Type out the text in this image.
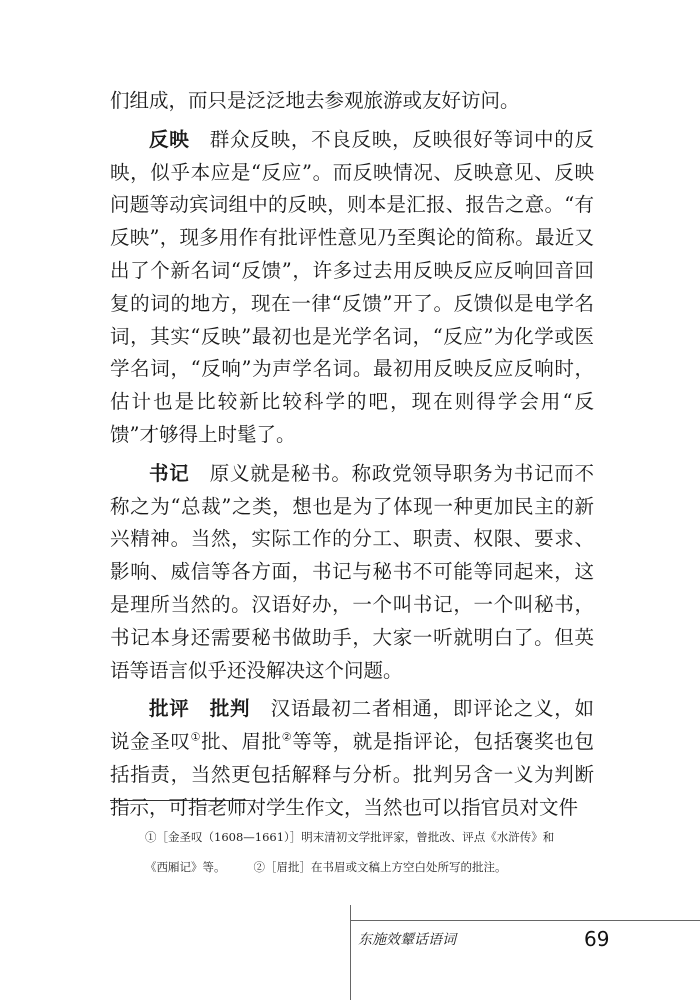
们组成，而只是泛泛地去参观旅游或友好访问。

反映　群众反映，不良反映，反映很好等词中的反映，似乎本应是“反应”。而反映情况、反映意见、反映问题等动宾词组中的反映，则本是汇报、报告之意。“有反映”，现多用作有批评性意见乃至舆论的简称。最近又出了个新名词“反馈”，许多过去用反映反应反响回音回复的词的地方，现在一律“反馈”开了。反馈似是电学名词，其实“反映”最初也是光学名词，“反应”为化学或医学名词，“反响”为声学名词。最初用反映反应反响时，估计也是比较新比较科学的吧，现在则得学会用“反馈”才够得上时髦了。

书记　原义就是秘书。称政党领导职务为书记而不称之为“总裁”之类，想也是为了体现一种更加民主的新兴精神。当然，实际工作的分工、职责、权限、要求、影响、威信等各方面，书记与秘书不可能等同起来，这是理所当然的。汉语好办，一个叫书记，一个叫秘书，书记本身还需要秘书做助手，大家一听就明白了。但英语等语言似乎还没解决这个问题。

批评　批判　汉语最初二者相通，即评论之义，如说金圣叹①批、眉批②等等，就是指评论，包括褒奖也包括指责，当然更包括解释与分析。批判另含一义为判断指示，可指老师对学生作文，当然也可以指官员对文件

①［金圣叹（1608—1661）］明末清初文学批评家，曾批改、评点《水浒传》和
《西厢记》等。 ②［眉批］在书眉或文稿上方空白处所写的批注。
东施效颦话语词	69
